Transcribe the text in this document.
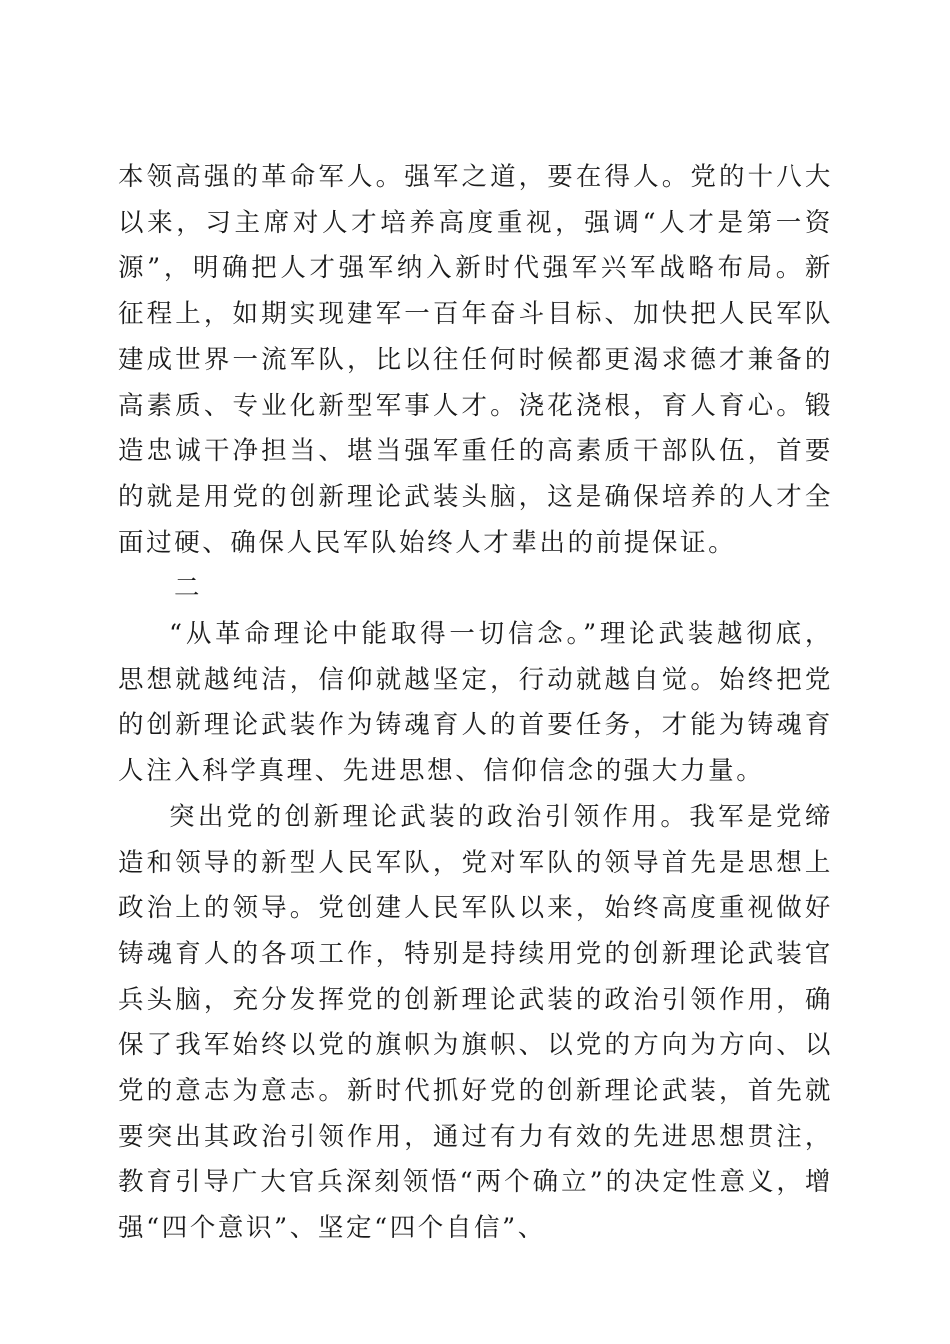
本领高强的革命军人。强军之道，要在得人。党的十八大以来，习主席对人才培养高度重视，强调“人才是第一资源”，明确把人才强军纳入新时代强军兴军战略布局。新征程上，如期实现建军一百年奋斗目标、加快把人民军队建成世界一流军队，比以往任何时候都更渴求德才兼备的高素质、专业化新型军事人才。浇花浇根，育人育心。锻造忠诚干净担当、堪当强军重任的高素质干部队伍，首要的就是用党的创新理论武装头脑，这是确保培养的人才全面过硬、确保人民军队始终人才辈出的前提保证。

二

“从革命理论中能取得一切信念。”理论武装越彻底，思想就越纯洁，信仰就越坚定，行动就越自觉。始终把党的创新理论武装作为铸魂育人的首要任务，才能为铸魂育人注入科学真理、先进思想、信仰信念的强大力量。

突出党的创新理论武装的政治引领作用。我军是党缔造和领导的新型人民军队，党对军队的领导首先是思想上政治上的领导。党创建人民军队以来，始终高度重视做好铸魂育人的各项工作，特别是持续用党的创新理论武装官兵头脑，充分发挥党的创新理论武装的政治引领作用，确保了我军始终以党的旗帜为旗帜、以党的方向为方向、以党的意志为意志。新时代抓好党的创新理论武装，首先就要突出其政治引领作用，通过有力有效的先进思想贯注，教育引导广大官兵深刻领悟“两个确立”的决定性意义，增强“四个意识”、坚定“四个自信”、
